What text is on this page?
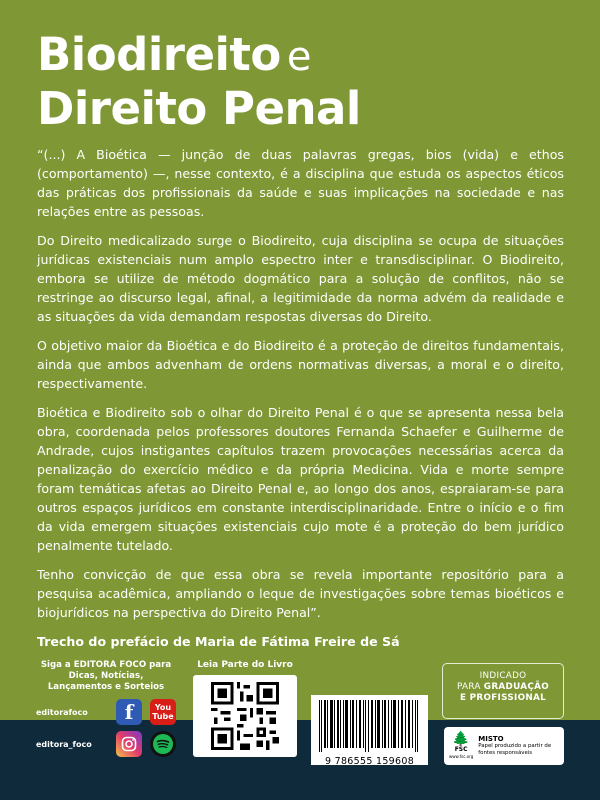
Biodireito e
Direito Penal

“(...) A Bioética — junção de duas palavras gregas, bios (vida) e ethos (comportamento) —, nesse contexto, é a disciplina que estuda os aspectos éticos das práticas dos profissionais da saúde e suas implicações na sociedade e nas relações entre as pessoas.

Do Direito medicalizado surge o Biodireito, cuja disciplina se ocupa de situações jurídicas existenciais num amplo espectro inter e transdisciplinar. O Biodireito, embora se utilize de método dogmático para a solução de conflitos, não se restringe ao discurso legal, afinal, a legitimidade da norma advém da realidade e as situações da vida demandam respostas diversas do Direito.

O objetivo maior da Bioética e do Biodireito é a proteção de direitos fundamentais, ainda que ambos advenham de ordens normativas diversas, a moral e o direito, respectivamente.

Bioética e Biodireito sob o olhar do Direito Penal é o que se apresenta nessa bela obra, coordenada pelos professores doutores Fernanda Schaefer e Guilherme de Andrade, cujos instigantes capítulos trazem provocações necessárias acerca da penalização do exercício médico e da própria Medicina. Vida e morte sempre foram temáticas afetas ao Direito Penal e, ao longo dos anos, espraiaram-se para outros espaços jurídicos em constante interdisciplinaridade. Entre o início e o fim da vida emergem situações existenciais cujo mote é a proteção do bem jurídico penalmente tutelado.

Tenho convicção de que essa obra se revela importante repositório para a pesquisa acadêmica, ampliando o leque de investigações sobre temas bioéticos e biojurídicos na perspectiva do Direito Penal”.

Trecho do prefácio de Maria de Fátima Freire de Sá

Siga a EDITORA FOCO para Dicas, Notícias, Lançamentos e Sorteios
editorafoco	f	You
Tube
editora_foco
Leia Parte do Livro
9 786555 159608
INDICADO
PARA GRADUAÇÃO
E PROFISSIONAL
🌲
FSC
www.fsc.org
MISTO
Papel produzido a partir de fontes responsáveis
